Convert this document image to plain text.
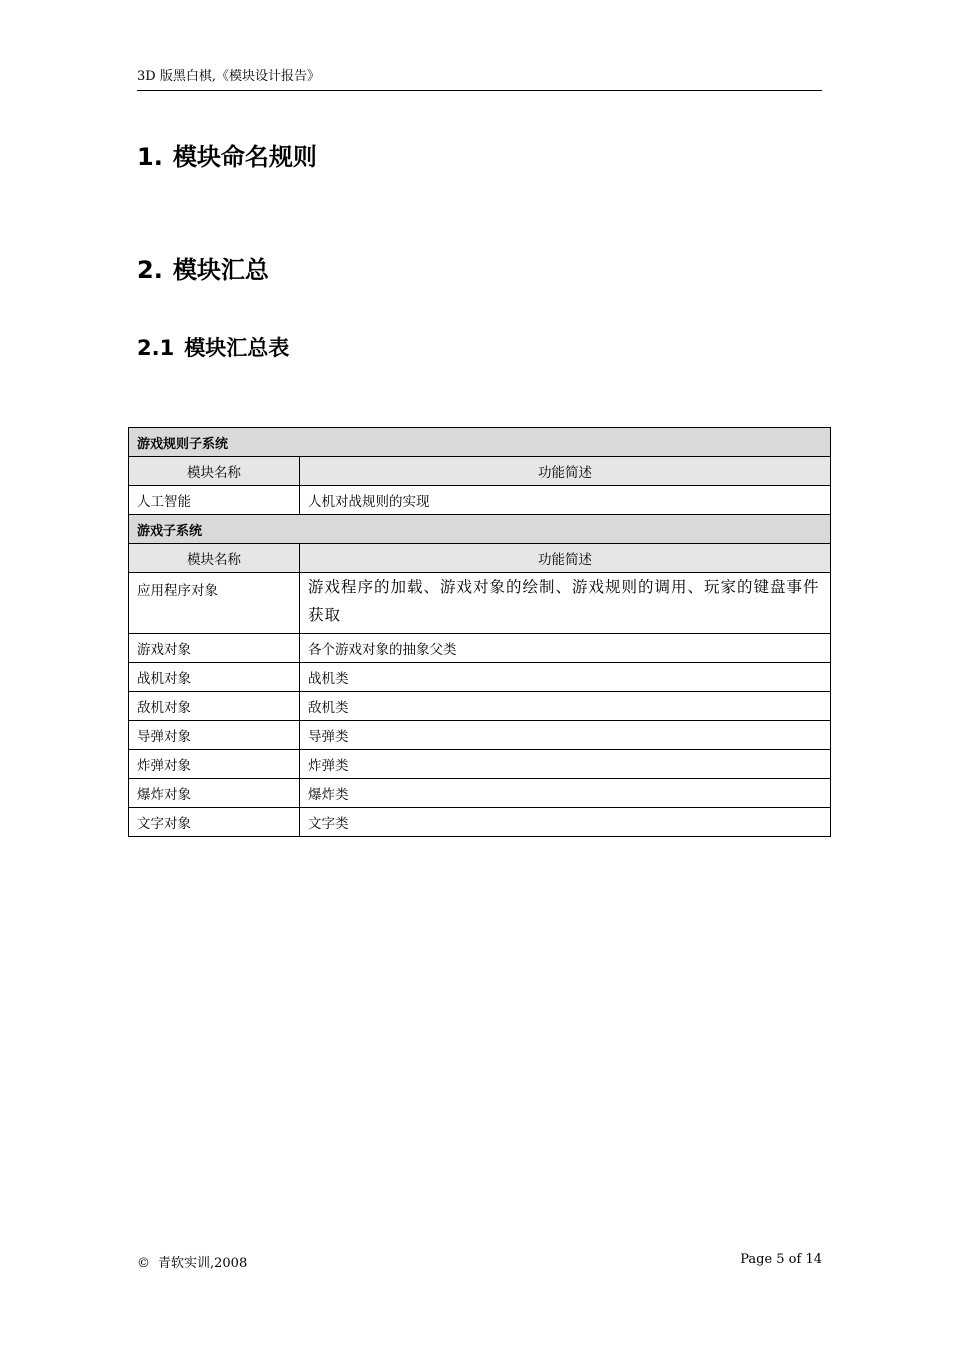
3D 版黑白棋,《模块设计报告》
1. 模块命名规则
2. 模块汇总
2.1 模块汇总表
游戏规则子系统	
模块名称	功能简述
人工智能	人机对战规则的实现
游戏子系统	
模块名称	功能简述
应用程序对象	游戏程序的加载、游戏对象的绘制、游戏规则的调用、玩家的键盘事件获取
游戏对象	各个游戏对象的抽象父类
战机对象	战机类
敌机对象	敌机类
导弹对象	导弹类
炸弹对象	炸弹类
爆炸对象	爆炸类
文字对象	文字类
© 青软实训,2008	Page 5 of 14
